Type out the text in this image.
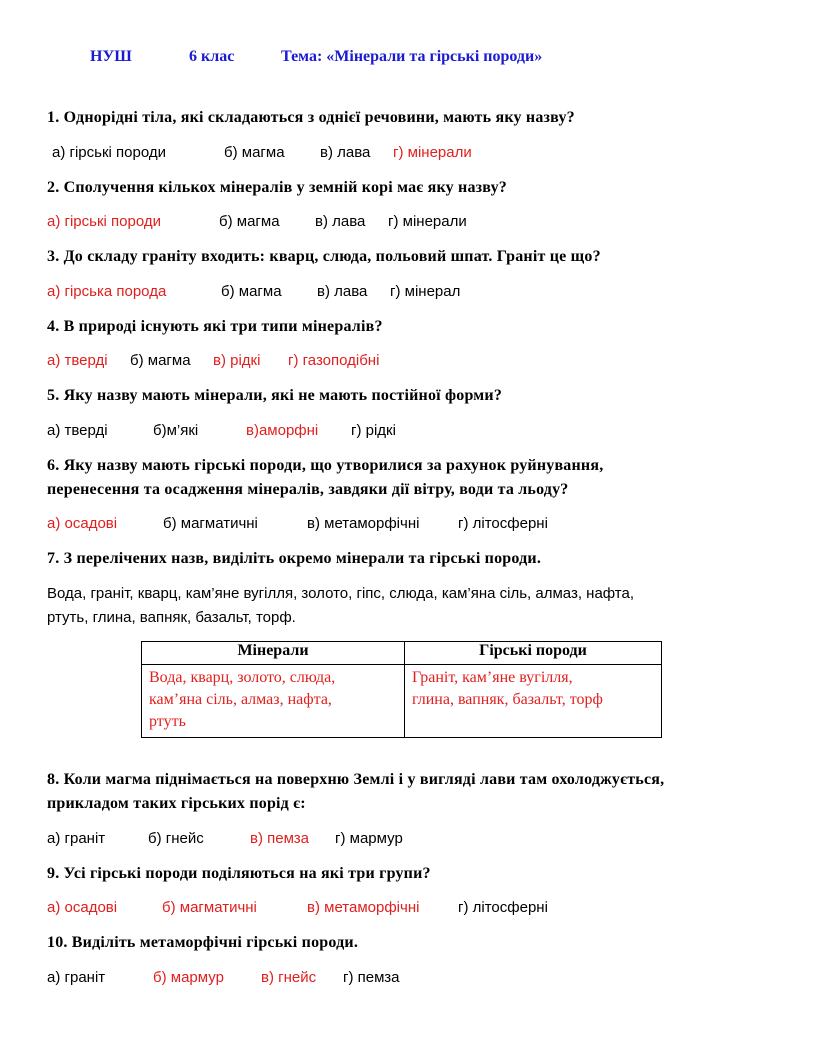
НУШ	6 клас	Тема: «Мінерали та гірські породи»
1. Однорідні тіла, які складаються з однієї речовини, мають яку назву?
а) гірські породи	б) магма в) лава г) мінерали
2. Сполучення кількох мінералів у земній корі має яку назву?
а) гірські породи	б) магма в) лава г) мінерали
3. До складу граніту входить: кварц, слюда, польовий шпат. Граніт це що?
а) гірська порода	б) магма в) лава г) мінерал
4. В природі існують які три типи мінералів?
а) тверді б) магма в) рідкі г) газоподібні
5. Яку назву мають мінерали, які не мають постійної форми?
а) тверді	б)м’які	в)аморфні г) рідкі
6. Яку назву мають гірські породи, що утворилися за рахунок руйнування,
перенесення та осадження мінералів, завдяки дії вітру, води та льоду?
а) осадові	б) магматичні	в) метаморфічні	г) літосферні
7. З перелічених назв, виділіть окремо мінерали та гірські породи.
Вода, граніт, кварц, кам’яне вугілля, золото, гіпс, слюда, кам’яна сіль, алмаз, нафта,
ртуть, глина, вапняк, базальт, торф.
Мінерали	Гірські породи

Вода, кварц, золото, слюда,
кам’яна сіль, алмаз, нафта,
ртуть	Граніт, кам’яне вугілля,
глина, вапняк, базальт, торф
8. Коли магма піднімається на поверхню Землі і у вигляді лави там охолоджується,
прикладом таких гірських порід є:
а) граніт	б) гнейс	в) пемза г) мармур
9. Усі гірські породи поділяються на які три групи?
а) осадові	б) магматичні	в) метаморфічні	г) літосферні
10. Виділіть метаморфічні гірські породи.
а) граніт	б) мармур в) гнейс г) пемза
